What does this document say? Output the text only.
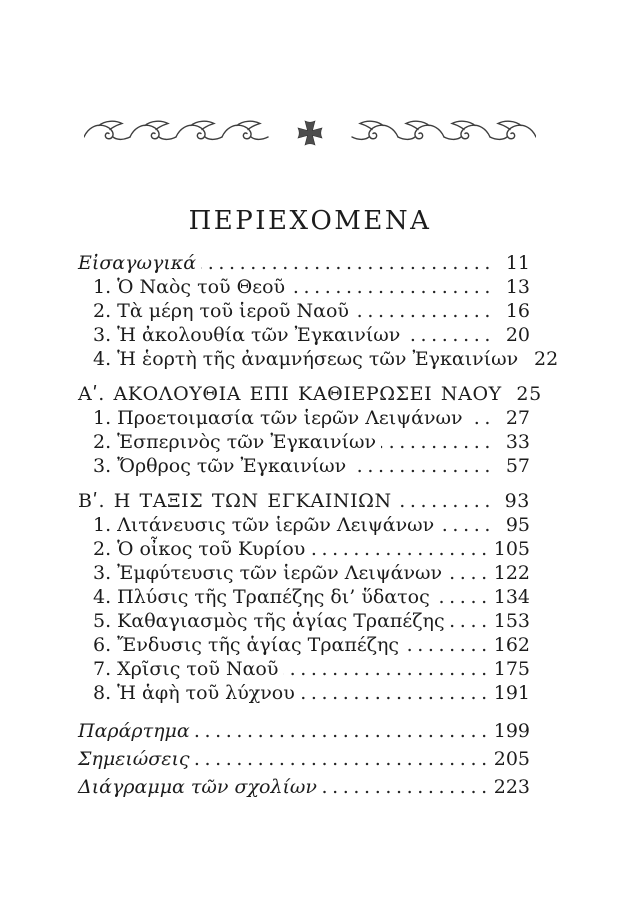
ΠΕΡΙΕΧΟΜΕΝΑ
Εἰσαγωγικά .....	11
1. Ὁ Ναὸς τοῦ Θεοῦ .....	13
2. Τὰ μέρη τοῦ ἱεροῦ Ναοῦ .....	16
3. Ἡ ἀκολουθία τῶν Ἐγκαινίων .....	20
4. Ἡ ἑορτὴ τῆς ἀναμνήσεως τῶν Ἐγκαινίων 22
Αʹ. ΑΚΟΛΟΥΘΙΑ ΕΠΙ ΚΑΘΙΕΡΩΣΕΙ ΝΑΟΥ 25
1. Προετοιμασία τῶν ἱερῶν Λειψάνων .....	27
2. Ἑσπερινὸς τῶν Ἐγκαινίων .....	33
3. Ὄρθρος τῶν Ἐγκαινίων .....	57
Βʹ. Η ΤΑΞΙΣ ΤΩΝ ΕΓΚΑΙΝΙΩΝ .....	93
1. Λιτάνευσις τῶν ἱερῶν Λειψάνων .....	95
2. Ὁ οἶκος τοῦ Κυρίου .....	105
3. Ἐμφύτευσις τῶν ἱερῶν Λειψάνων .....	122
4. Πλύσις τῆς Τραπέζης δι’ ὕδατος .....	134
5. Καθαγιασμὸς τῆς ἁγίας Τραπέζης .....	153
6. Ἔνδυσις τῆς ἁγίας Τραπέζης .....	162
7. Χρῖσις τοῦ Ναοῦ .....	175
8. Ἡ ἁφὴ τοῦ λύχνου .....	191
Παράρτημα .....	199
Σημειώσεις .....	205
Διάγραμμα τῶν σχολίων .....	223
